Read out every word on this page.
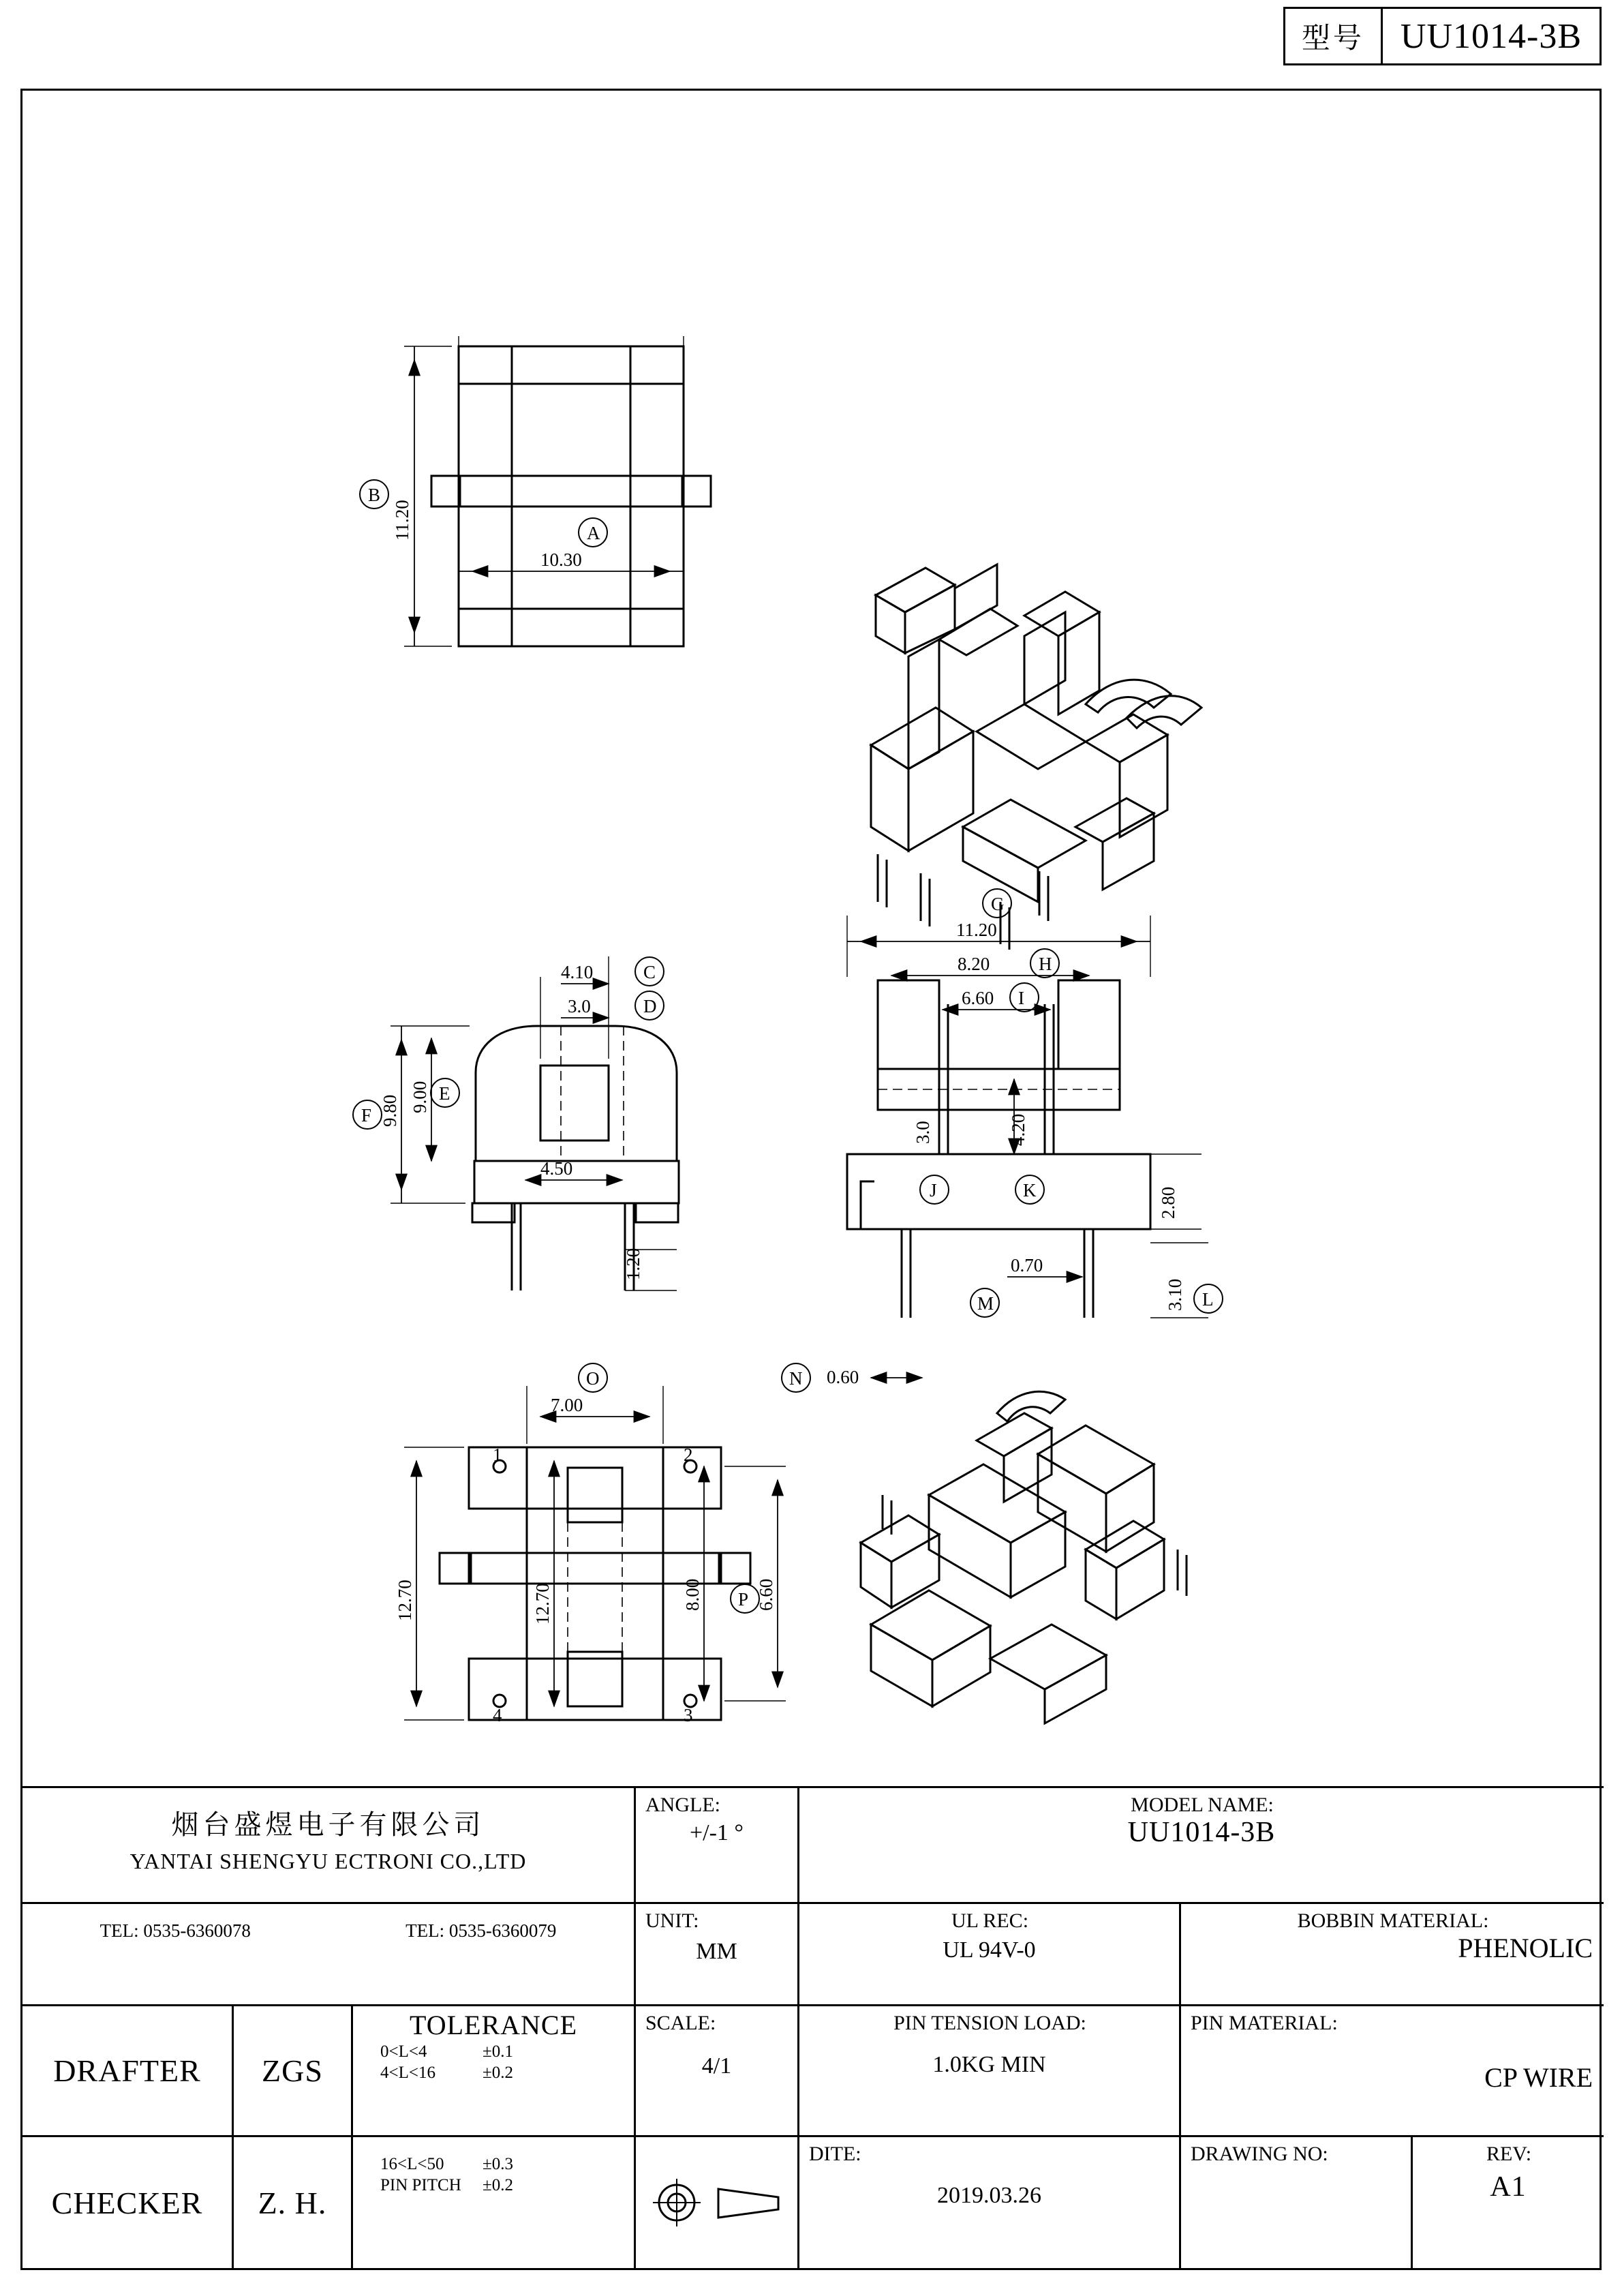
型号	UU1014-3B
10.30
A
11.20
B
4.10	C
3.0	D
9.00 E
9.80
F
4.50
1.20
11.20
G
8.20	H
6.60 I
3.0
J
4.20
K
0.70
M
2.80
3.10 L
0.60
N
1	2
4	3
7.00
O
12.70	12.70	8.00 P 6.60
烟台盛煜电子有限公司
YANTAI SHENGYU ECTRONI CO.,LTD
ANGLE:
+/-1 °
MODEL NAME:
UU1014-3B
TEL: 0535-6360078	TEL: 0535-6360079	UNIT:
MM
UL REC:
UL 94V-0
BOBBIN MATERIAL:
PHENOLIC
DRAFTER ZGS
TOLERANCE
0<L<4	±0.1
4<L<16	±0.2
SCALE:
4/1
PIN TENSION LOAD:
1.0KG MIN
PIN MATERIAL:
CP WIRE
CHECKER Z. H.
16<L<50 ±0.3
PIN PITCH ±0.2
DITE:
2019.03.26
DRAWING NO:	REV:
A1
